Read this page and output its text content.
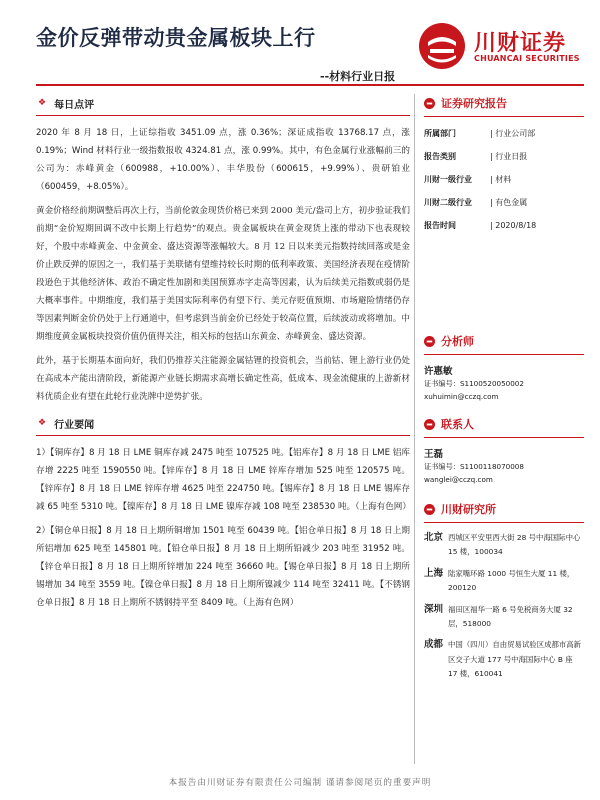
金价反弹带动贵金属板块上行
--材料行业日报
川财证券
CHUANCAI SECURITIES
❖ 每日点评

2020 年 8 月 18 日，上证综指收 3451.09 点，涨 0.36%；深证成指收 13768.17 点，涨 0.19%；Wind 材料行业一级指数报收 4324.81 点，涨 0.99%。其中，有色金属行业涨幅前三的公司为：赤峰黄金（600988，+10.00%）、丰华股份（600615，+9.99%）、贵研铂业（600459，+8.05%）。

黄金价格经前期调整后再次上行，当前伦敦金现货价格已来到 2000 美元/盎司上方，初步验证我们前期“金价短期回调不改中长期上行趋势”的观点。贵金属板块在黄金现货上涨的带动下也表现较好，个股中赤峰黄金、中金黄金、盛达资源等涨幅较大。8 月 12 日以来美元指数持续回落或是金价止跌反弹的原因之一，我们基于美联储有望维持较长时期的低利率政策、美国经济表现在疫情阶段逊色于其他经济体、政治不确定性加剧和美国预算赤字走高等因素，认为后续美元指数或弱仍是大概率事件。中期维度，我们基于美国实际利率仍有望下行、美元存贬值预期、市场避险情绪仍存等因素判断金价仍处于上行通道中，但考虑到当前金价已经处于较高位置，后续波动或将增加。中期维度黄金属板块投资价值仍值得关注，相关标的包括山东黄金、赤峰黄金、盛达资源。

此外，基于长期基本面向好，我们仍推荐关注能源金属钴锂的投资机会，当前钴、锂上游行业仍处在高成本产能出清阶段，新能源产业链长期需求高增长确定性高，低成本、现金流健康的上游新材料优质企业有望在此轮行业洗牌中逆势扩张。

❖ 行业要闻

1）【铜库存】8 月 18 日 LME 铜库存减 2475 吨至 107525 吨。【铝库存】8 月 18 日 LME 铝库存增 2225 吨至 1590550 吨。【锌库存】8 月 18 日 LME 锌库存增加 525 吨至 120575 吨。【锌库存】8 月 18 日 LME 锌库存增 4625 吨至 224750 吨。【锡库存】8 月 18 日 LME 锡库存减 65 吨至 5310 吨。【镍库存】8 月 18 日 LME 镍库存减 108 吨至 238530 吨。（上海有色网）

2）【铜仓单日报】8 月 18 日上期所铜增加 1501 吨至 60439 吨。【铝仓单日报】8 月 18 日上期所铝增加 625 吨至 145801 吨。【铅仓单日报】8 月 18 日上期所铅减少 203 吨至 31952 吨。【锌仓单日报】8 月 18 日上期所锌增加 224 吨至 36660 吨。【锡仓单日报】8 月 18 日上期所锡增加 34 吨至 3559 吨。【镍仓单日报】8 月 18 日上期所镍减少 114 吨至 32411 吨。【不锈钢仓单日报】8 月 18 日上期所不锈钢持平至 8409 吨。（上海有色网）

证券研究报告
所属部门	| 行业公司部
报告类别	| 行业日报
川财一级行业	| 材料
川财二级行业	| 有色金属
报告时间	| 2020/8/18
分析师
许惠敏
证书编号：S1100520050002
xuhuimin@cczq.com
联系人
王磊
证书编号：S1100118070008
wanglei@cczq.com
川财研究所
北京 西城区平安里西大街 28 号中海国际中心 15 楼，100034
上海 陆家嘴环路 1000 号恒生大厦 11 楼，200120
深圳 福田区福华一路 6 号免税商务大厦 32 层，518000
成都 中国（四川）自由贸易试验区成都市高新区交子大道 177 号中海国际中心 B 座 17 楼，610041
本报告由川财证券有限责任公司编制 谨请参阅尾页的重要声明
